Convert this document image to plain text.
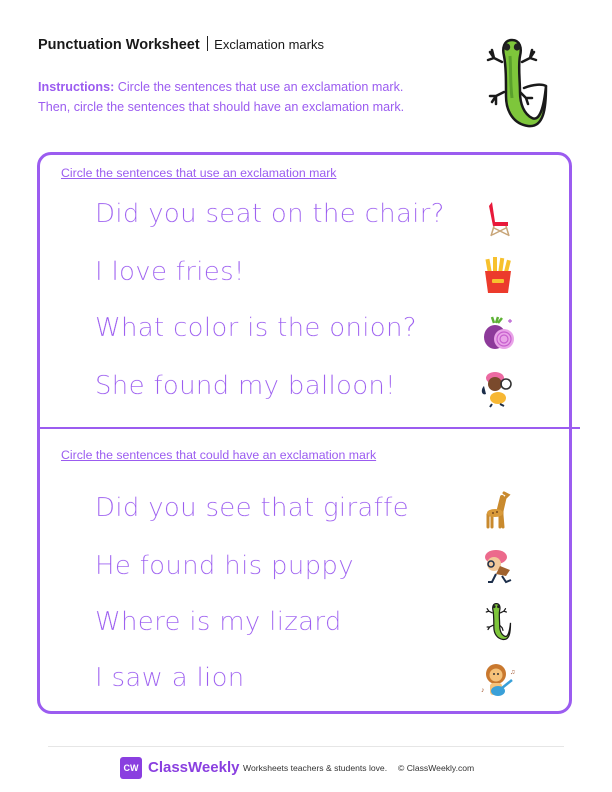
Punctuation Worksheet Exclamation marks
Instructions: Circle the sentences that use an exclamation mark.
Then, circle the sentences that should have an exclamation mark.
Circle the sentences that use an exclamation mark
Did you seat on the chair?
I love fries!
What color is the onion?
She found my balloon!
Circle the sentences that could have an exclamation mark
Did you see that giraffe
He found his puppy
Where is my lizard
I saw a lion	♪
♫
CW ClassWeekly Worksheets teachers & students love. © ClassWeekly.com
